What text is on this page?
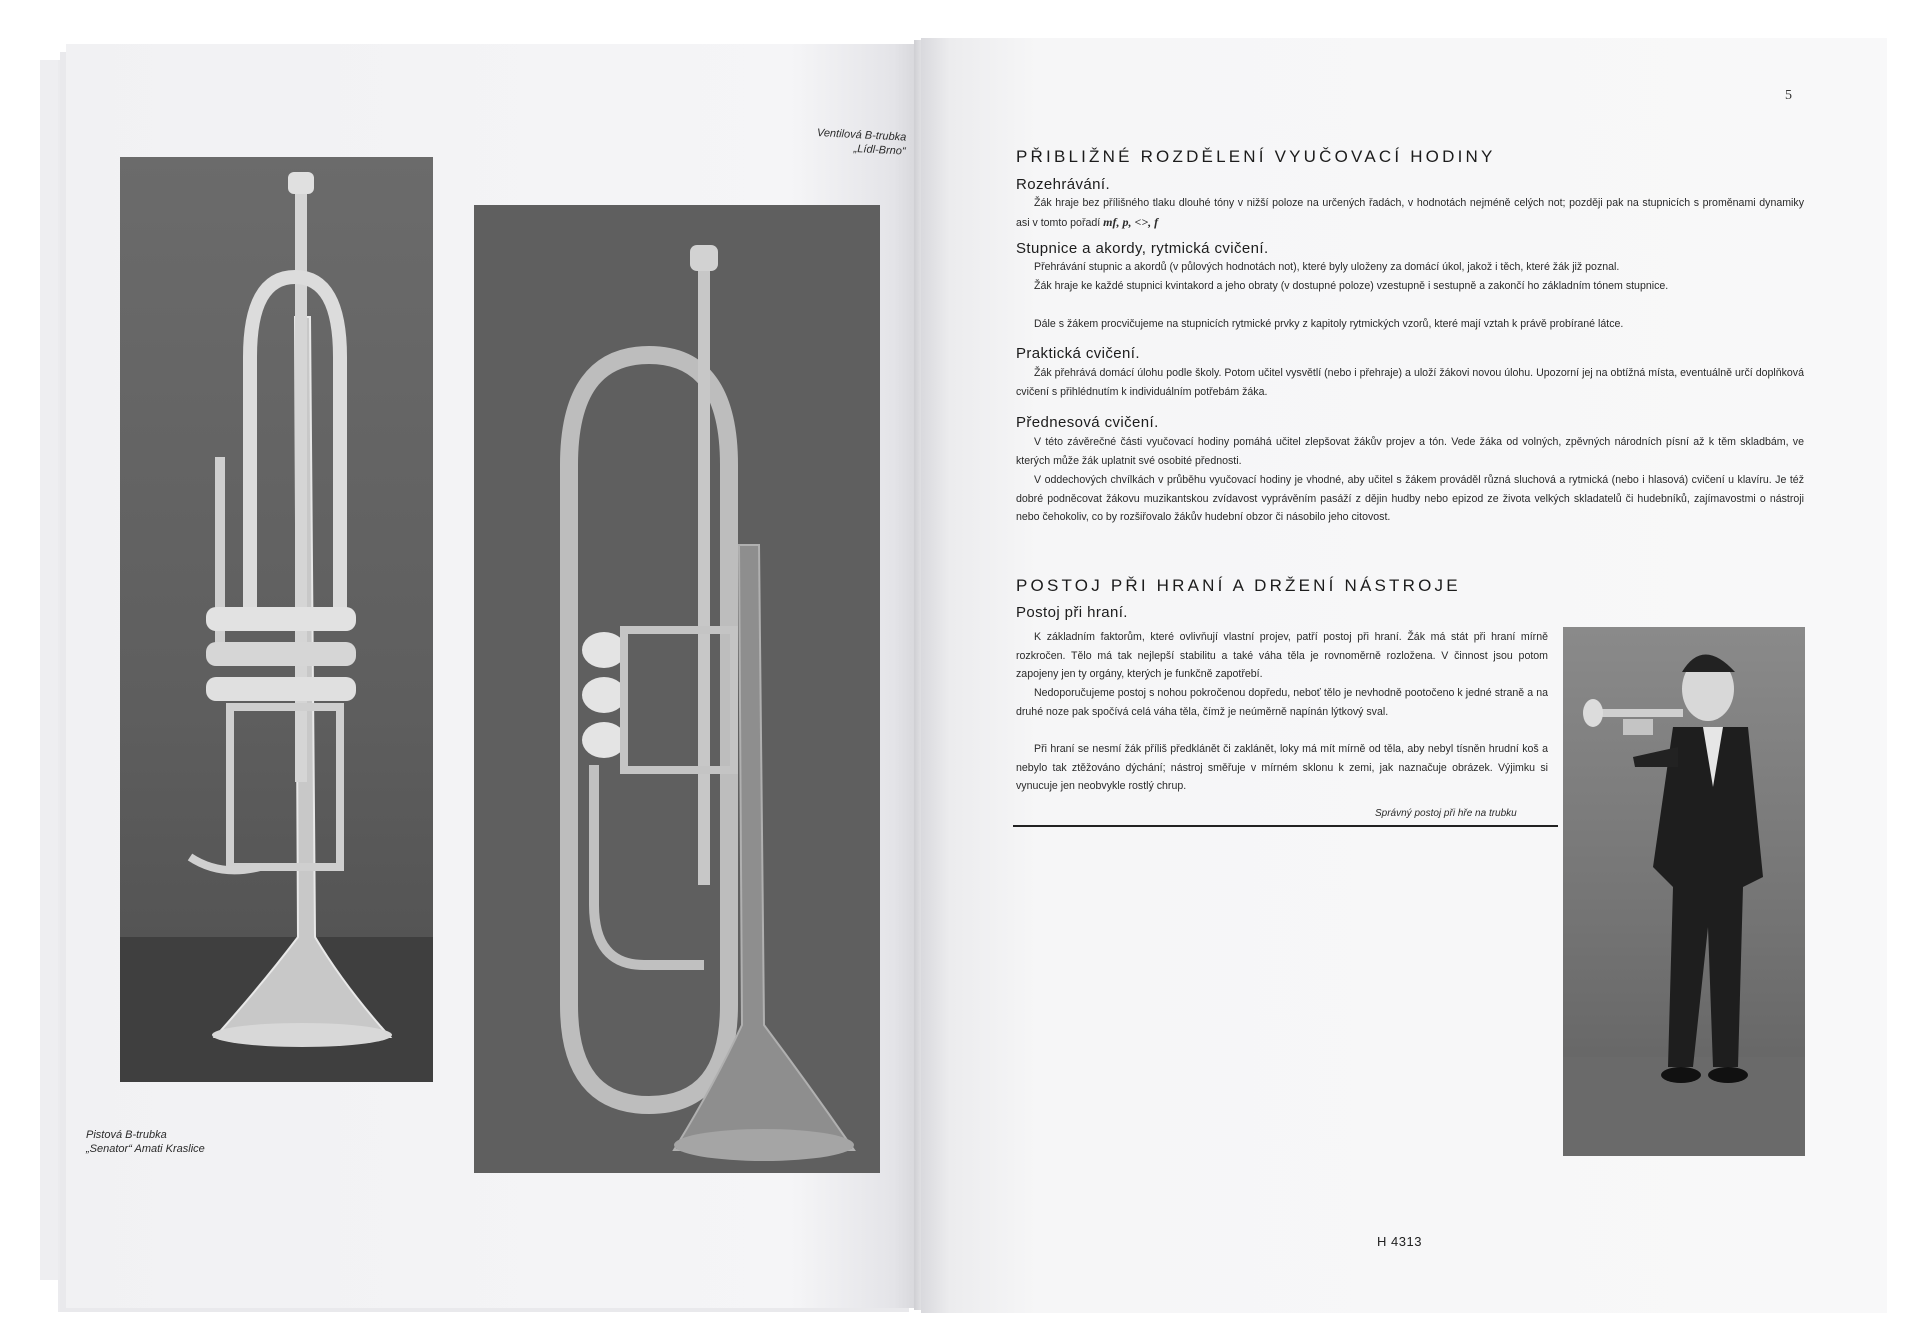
Ventilová B-trubka
„Lídl-Brno“
Pistová B-trubka
„Senator“ Amati Kraslice
5
PŘIBLIŽNÉ ROZDĚLENÍ VYUČOVACÍ HODINY
Rozehrávání.
Žák hraje bez přílišného tlaku dlouhé tóny v nižší poloze na určených řadách, v hodnotách nejméně celých not; později pak na stupnicích s proměnami dynamiky asi v tomto pořadí mf, p, <>, f
Stupnice a akordy, rytmická cvičení.
Přehrávání stupnic a akordů (v půlových hodnotách not), které byly uloženy za domácí úkol, jakož i těch, které žák již poznal.
Žák hraje ke každé stupnici kvintakord a jeho obraty (v dostupné poloze) vzestupně i sestupně a zakončí ho základním tónem stupnice.
Dále s žákem procvičujeme na stupnicích rytmické prvky z kapitoly rytmických vzorů, které mají vztah k právě probírané látce.
Praktická cvičení.
Žák přehrává domácí úlohu podle školy. Potom učitel vysvětlí (nebo i přehraje) a uloží žákovi novou úlohu. Upozorní jej na obtížná místa, eventuálně určí doplňková cvičení s přihlédnutím k individuálním potřebám žáka.
Přednesová cvičení.
V této závěrečné části vyučovací hodiny pomáhá učitel zlepšovat žákův projev a tón. Vede žáka od volných, zpěvných národních písní až k těm skladbám, ve kterých může žák uplatnit své osobité přednosti.
V oddechových chvílkách v průběhu vyučovací hodiny je vhodné, aby učitel s žákem prováděl různá sluchová a rytmická (nebo i hlasová) cvičení u klavíru. Je též dobré podněcovat žákovu muzikantskou zvídavost vyprávěním pasáží z dějin hudby nebo epizod ze života velkých skladatelů či hudebníků, zajímavostmi o nástroji nebo čehokoliv, co by rozšiřovalo žákův hudební obzor či násobilo jeho citovost.
POSTOJ PŘI HRANÍ A DRŽENÍ NÁSTROJE
Postoj při hraní.
K základním faktorům, které ovlivňují vlastní projev, patří postoj při hraní. Žák má stát při hraní mírně rozkročen. Tělo má tak nejlepší stabilitu a také váha těla je rovnoměrně rozložena. V činnost jsou potom zapojeny jen ty orgány, kterých je funkčně zapotřebí.
Nedoporučujeme postoj s nohou pokročenou dopředu, neboť tělo je nevhodně pootočeno k jedné straně a na druhé noze pak spočívá celá váha těla, čímž je neúměrně napínán lýtkový sval.
Při hraní se nesmí žák příliš předklánět či zaklánět, loky má mít mírně od těla, aby nebyl tísněn hrudní koš a nebylo tak ztěžováno dýchání; nástroj směřuje v mírném sklonu k zemi, jak naznačuje obrázek. Výjimku si vynucuje jen neobvykle rostlý chrup.
Správný postoj při hře na trubku
H 4313
